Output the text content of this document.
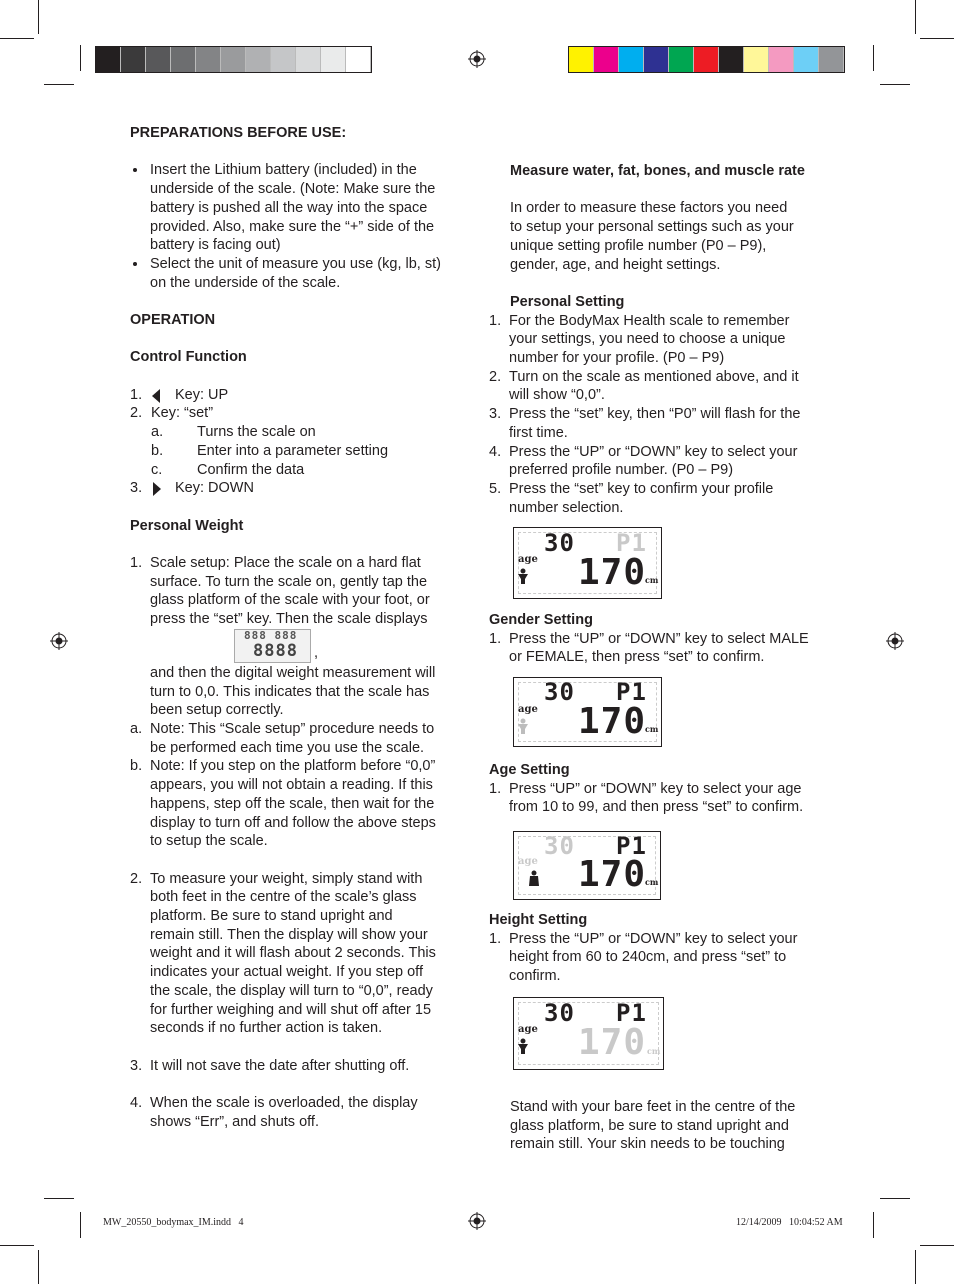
PREPARATIONS BEFORE USE:
Insert the Lithium battery (included) in the
underside of the scale. (Note: Make sure the
battery is pushed all the way into the space
provided. Also, make sure the “+” side of the
battery is facing out)
Select the unit of measure you use (kg, lb, st)
on the underside of the scale.
OPERATION
Control Function
1. Key: UP
2. Key: “set”
a. Turns the scale on

b. Enter into a parameter setting

c. Confirm the data

3. Key: DOWN
Personal Weight
1. Scale setup: Place the scale on a hard flat
surface. To turn the scale on, gently tap the
glass platform of the scale with your foot, or
press the “set” key. Then the scale displays
888 888
8888 ,
and then the digital weight measurement will
turn to 0,0. This indicates that the scale has
been setup correctly.
a. Note: This “Scale setup” procedure needs to
be performed each time you use the scale.
b. Note: If you step on the platform before “0,0”
appears, you will not obtain a reading. If this
happens, step off the scale, then wait for the
display to turn off and follow the above steps
to setup the scale.
2. To measure your weight, simply stand with
both feet in the centre of the scale’s glass
platform. Be sure to stand upright and
remain still. Then the display will show your
weight and it will flash about 2 seconds. This
indicates your actual weight. If you step off
the scale, the display will turn to “0,0”, ready
for further weighing and will shut off after 15
seconds if no further action is taken.
3. It will not save the date after shutting off.
4. When the scale is overloaded, the display
shows “Err”, and shuts off.
Measure water, fat, bones, and muscle rate
In order to measure these factors you need
to setup your personal settings such as your
unique setting profile number (P0 – P9),
gender, age, and height settings.
Personal Setting
1. For the BodyMax Health scale to remember
your settings, you need to choose a unique
number for your profile. (P0 – P9)
2. Turn on the scale as mentioned above, and it
will show “0,0”.
3. Press the “set” key, then “P0” will flash for the
first time.
4. Press the “UP” or “DOWN” key to select your
preferred profile number. (P0 – P9)
5. Press the “set” key to confirm your profile
number selection.
30 P1
age 170
cm
Gender Setting
1. Press the “UP” or “DOWN” key to select MALE
or FEMALE, then press “set” to confirm.
30 P1
age 170
cm
Age Setting
1. Press “UP” or “DOWN” key to select your age
from 10 to 99, and then press “set” to confirm.
30 P1
age 170
cm
Height Setting
1. Press the “UP” or “DOWN” key to select your
height from 60 to 240cm, and press “set” to
confirm.
30 P1
age 170 cm
Stand with your bare feet in the centre of the
glass platform, be sure to stand upright and
remain still. Your skin needs to be touching
MW_20550_bodymax_IM.indd   4	12/14/2009   10:04:52 AM
